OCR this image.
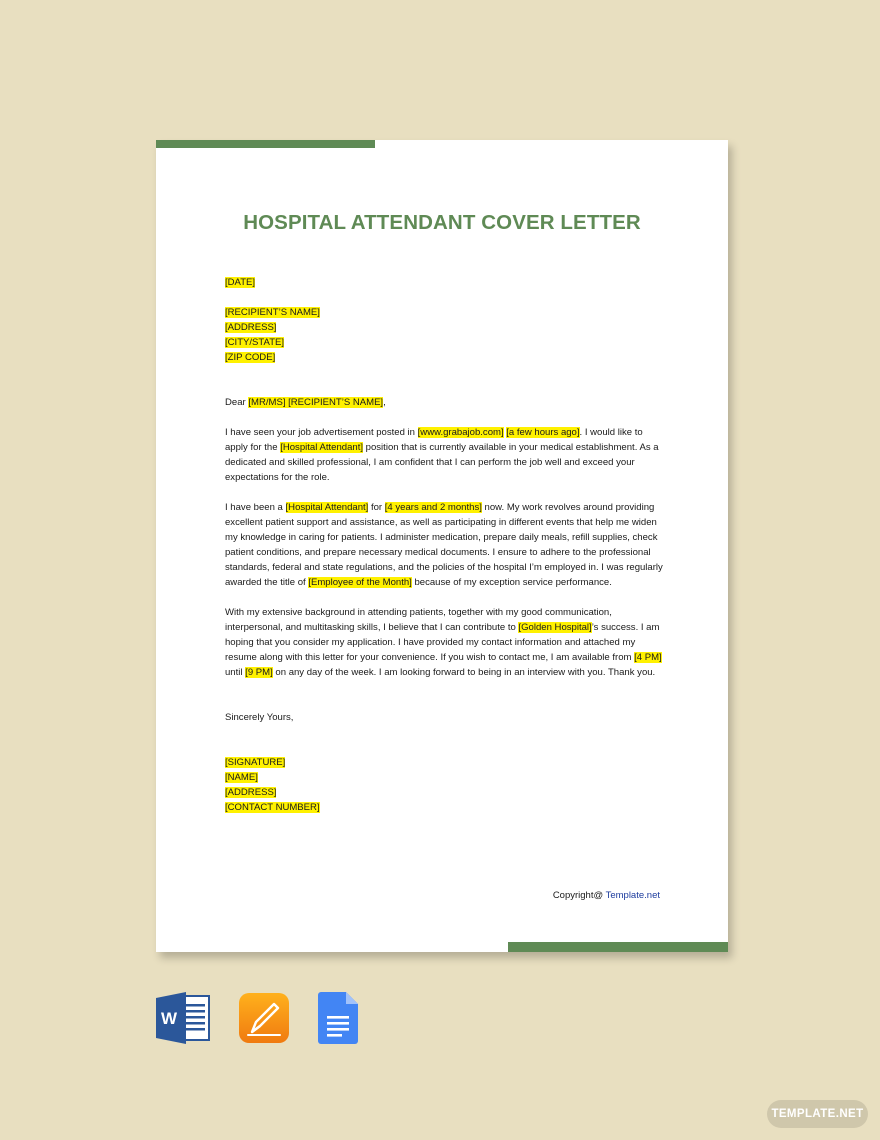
HOSPITAL ATTENDANT COVER LETTER

[DATE]

[RECIPIENT’S NAME]

[ADDRESS]

[CITY/STATE]

[ZIP CODE]

Dear [MR/MS] [RECIPIENT’S NAME],

I have seen your job advertisement posted in [www.grabajob.com] [a few hours ago]. I would like to apply for the [Hospital Attendant] position that is currently available in your medical establishment. As a dedicated and skilled professional, I am confident that I can perform the job well and exceed your expectations for the role.

I have been a [Hospital Attendant] for [4 years and 2 months] now. My work revolves around providing excellent patient support and assistance, as well as participating in different events that help me widen my knowledge in caring for patients. I administer medication, prepare daily meals, refill supplies, check patient conditions, and prepare necessary medical documents. I ensure to adhere to the professional standards, federal and state regulations, and the policies of the hospital I’m employed in. I was regularly awarded the title of [Employee of the Month] because of my exception service performance.

With my extensive background in attending patients, together with my good communication, interpersonal, and multitasking skills, I believe that I can contribute to [Golden Hospital]’s success. I am hoping that you consider my application. I have provided my contact information and attached my resume along with this letter for your convenience. If you wish to contact me, I am available from [4 PM] until [9 PM] on any day of the week. I am looking forward to being in an interview with you. Thank you.

Sincerely Yours,

[SIGNATURE]

[NAME]

[ADDRESS]

[CONTACT NUMBER]

Copyright@ Template.net
W
TEMPLATE.NET
